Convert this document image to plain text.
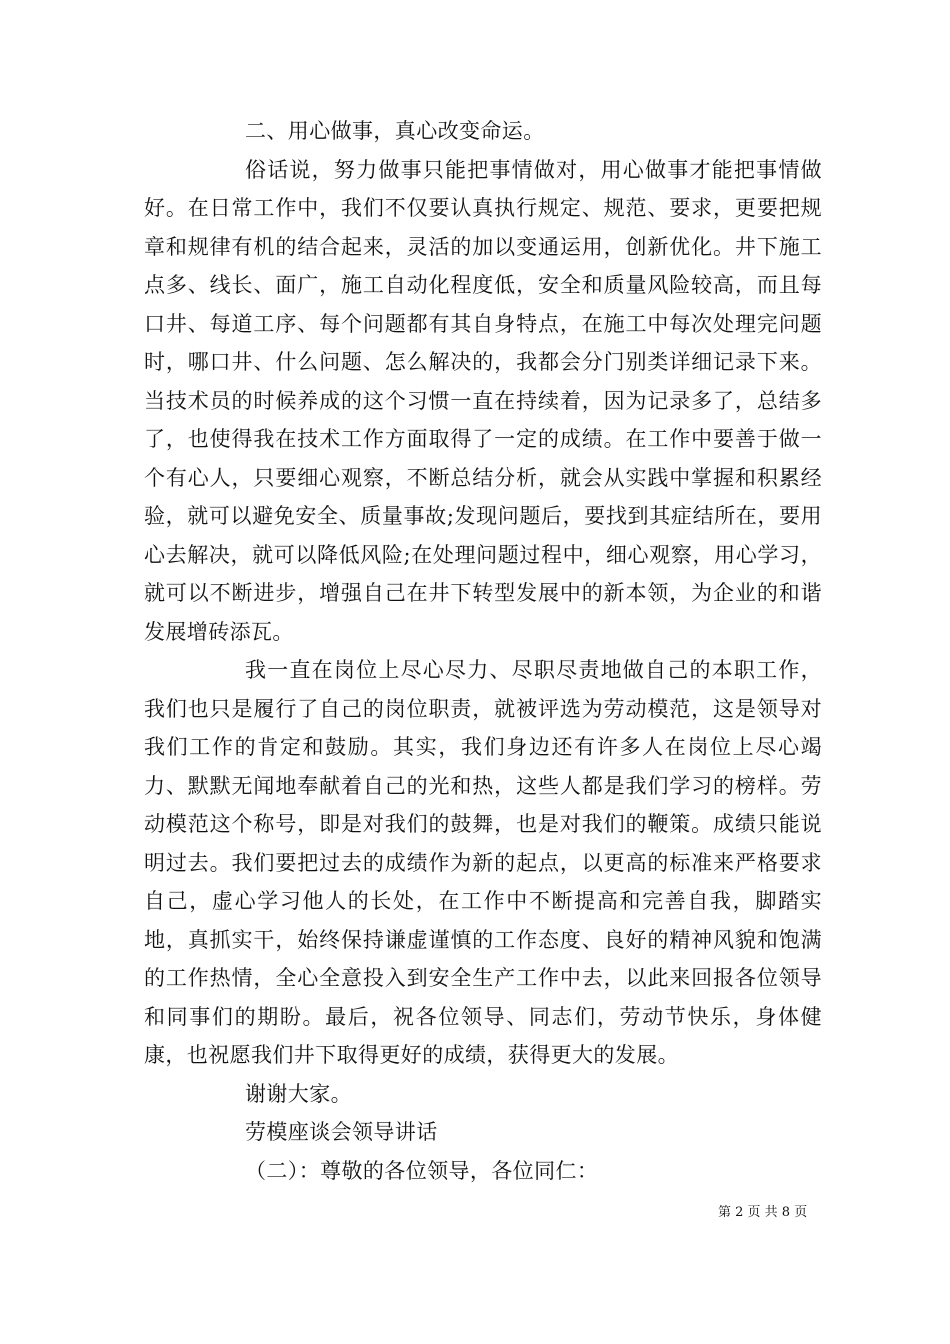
二、用心做事，真心改变命运。

俗话说，努力做事只能把事情做对，用心做事才能把事情做好。在日常工作中，我们不仅要认真执行规定、规范、要求，更要把规章和规律有机的结合起来，灵活的加以变通运用，创新优化。井下施工点多、线长、面广，施工自动化程度低，安全和质量风险较高，而且每口井、每道工序、每个问题都有其自身特点，在施工中每次处理完问题时，哪口井、什么问题、怎么解决的，我都会分门别类详细记录下来。当技术员的时候养成的这个习惯一直在持续着，因为记录多了，总结多了，也使得我在技术工作方面取得了一定的成绩。在工作中要善于做一个有心人，只要细心观察，不断总结分析，就会从实践中掌握和积累经验，就可以避免安全、质量事故;发现问题后，要找到其症结所在，要用心去解决，就可以降低风险;在处理问题过程中，细心观察，用心学习，就可以不断进步，增强自己在井下转型发展中的新本领，为企业的和谐发展增砖添瓦。

我一直在岗位上尽心尽力、尽职尽责地做自己的本职工作，我们也只是履行了自己的岗位职责，就被评选为劳动模范，这是领导对我们工作的肯定和鼓励。其实，我们身边还有许多人在岗位上尽心竭力、默默无闻地奉献着自己的光和热，这些人都是我们学习的榜样。劳动模范这个称号，即是对我们的鼓舞，也是对我们的鞭策。成绩只能说明过去。我们要把过去的成绩作为新的起点，以更高的标准来严格要求自己，虚心学习他人的长处，在工作中不断提高和完善自我，脚踏实地，真抓实干，始终保持谦虚谨慎的工作态度、良好的精神风貌和饱满的工作热情，全心全意投入到安全生产工作中去，以此来回报各位领导和同事们的期盼。最后，祝各位领导、同志们，劳动节快乐，身体健康，也祝愿我们井下取得更好的成绩，获得更大的发展。

谢谢大家。

劳模座谈会领导讲话

（二）：尊敬的各位领导，各位同仁：

第 2 页 共 8 页
